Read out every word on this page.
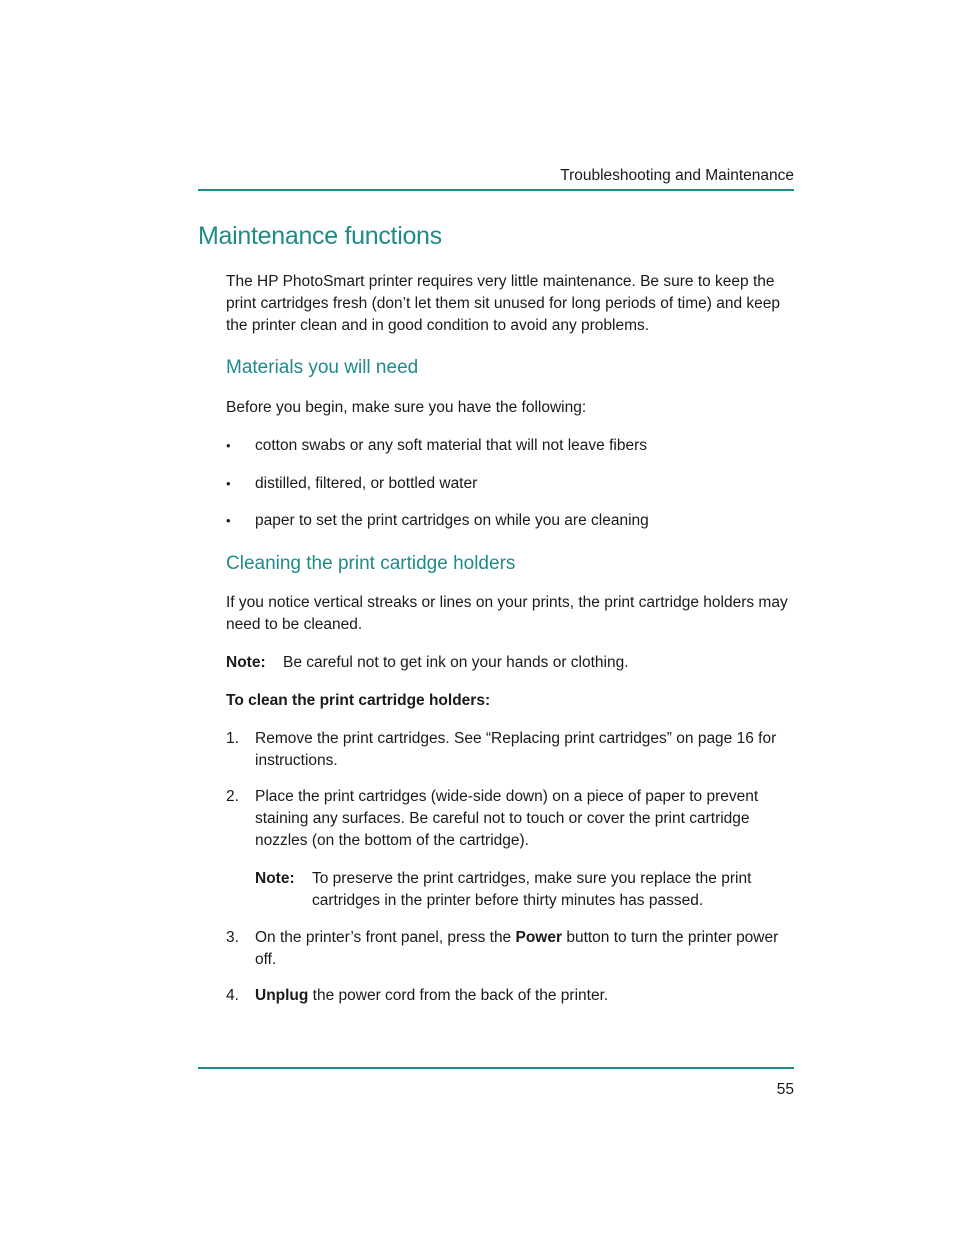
Troubleshooting and Maintenance
Maintenance functions
The HP PhotoSmart printer requires very little maintenance. Be sure to keep the print cartridges fresh (don’t let them sit unused for long periods of time) and keep the printer clean and in good condition to avoid any problems.
Materials you will need
Before you begin, make sure you have the following:
• cotton swabs or any soft material that will not leave fibers
• distilled, filtered, or bottled water
• paper to set the print cartridges on while you are cleaning
Cleaning the print cartidge holders
If you notice vertical streaks or lines on your prints, the print cartridge holders may need to be cleaned.
Note: Be careful not to get ink on your hands or clothing.
To clean the print cartridge holders:
1. Remove the print cartridges. See “Replacing print cartridges” on page 16 for instructions.
2. Place the print cartridges (wide-side down) on a piece of paper to prevent staining any surfaces. Be careful not to touch or cover the print cartridge nozzles (on the bottom of the cartridge).
Note: To preserve the print cartridges, make sure you replace the print cartridges in the printer before thirty minutes has passed.
3. On the printer’s front panel, press the Power button to turn the printer power off.
4. Unplug the power cord from the back of the printer.
55
